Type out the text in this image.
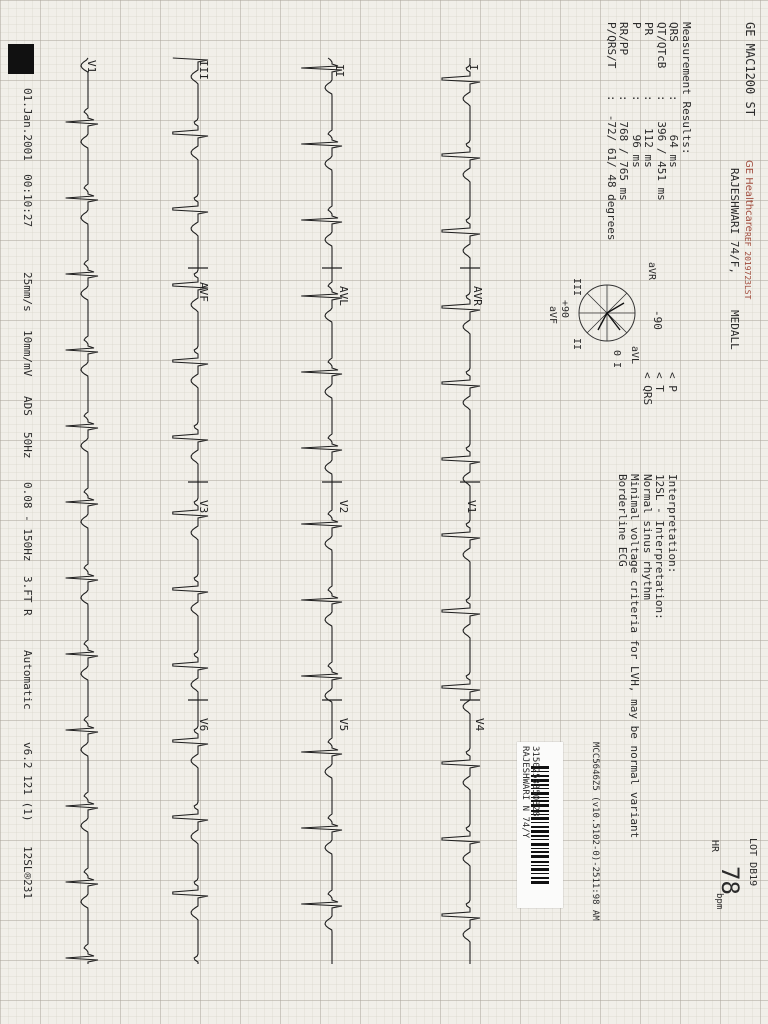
GE MAC1200 ST
GE Healthcare
REF 2019723LST
RAJESHWARI 74/F,
MEDALL
LOT DB19
HR
78
bpm
Measurement Results:
QRS        :     64 ms
QT/QTcB    :   396 / 451 ms
PR         :    112 ms
P          :     96 ms
RR/PP      :   768 / 765 ms
P/QRS/T    :  -72/ 61/ 48 degrees
-90
aVR
aVL
0 I
III
+90
aVF
II
< P
< T
< QRS
Interpretation:
12SL - Interpretation:
Normal sinus rhythm
Minimal voltage criteria for LVH, may be normal variant
Borderline ECG
MCC5646Z5 (v10.5102-0)-2511:98 AM
3150253350828
RAJESHWARI N 74/Y
I
AVR
V1
V4
II
AVL
V2
V5
III
AVF
V3
V6
V1
01.Jan.2001  00:10:27
25mm/s
10mm/mV
ADS
50Hz
0.08 - 150Hz
3.FT R
Automatic
v6.2 121 (1)
12SL®231
